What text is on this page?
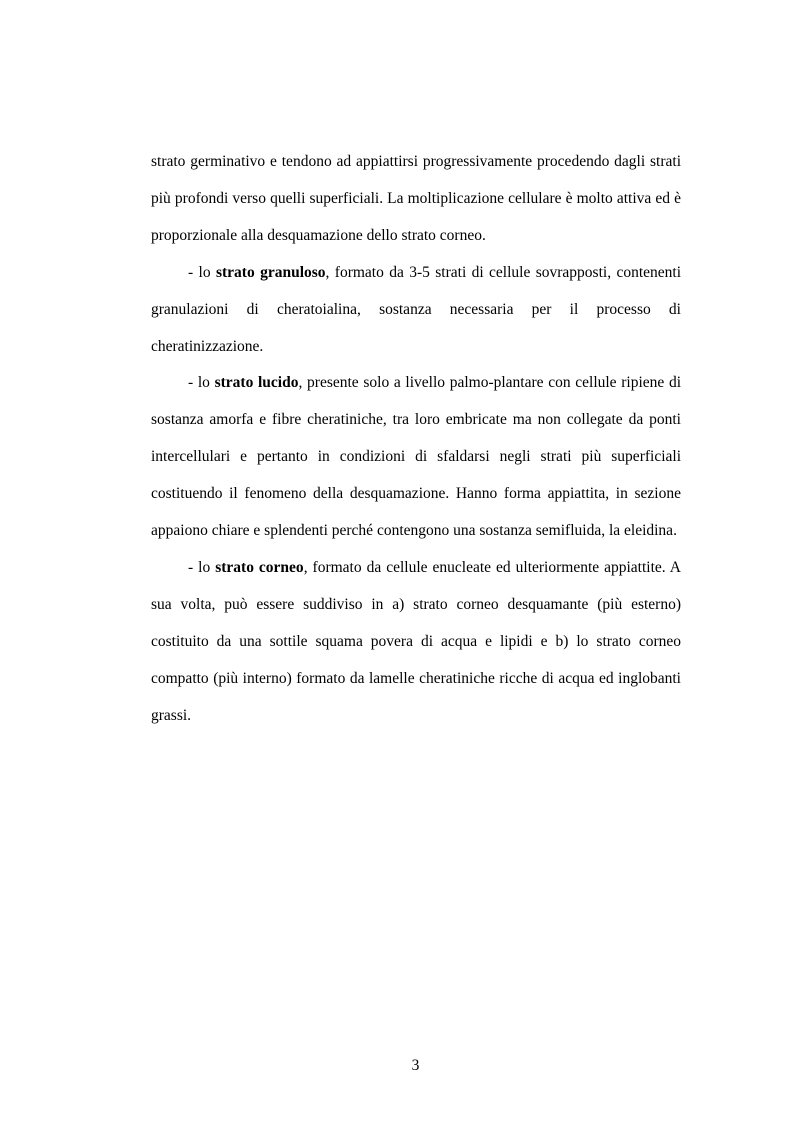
strato germinativo e tendono ad appiattirsi progressivamente procedendo dagli strati più profondi verso quelli superficiali. La moltiplicazione cellulare è molto attiva ed è proporzionale alla desquamazione dello strato corneo.

- lo strato granuloso, formato da 3-5 strati di cellule sovrapposti, contenenti granulazioni di cheratoialina, sostanza necessaria per il processo di cheratinizzazione.

- lo strato lucido, presente solo a livello palmo-plantare con cellule ripiene di sostanza amorfa e fibre cheratiniche, tra loro embricate ma non collegate da ponti intercellulari e pertanto in condizioni di sfaldarsi negli strati più superficiali costituendo il fenomeno della desquamazione. Hanno forma appiattita, in sezione appaiono chiare e splendenti perché contengono una sostanza semifluida, la eleidina.

- lo strato corneo, formato da cellule enucleate ed ulteriormente appiattite. A sua volta, può essere suddiviso in a) strato corneo desquamante (più esterno) costituito da una sottile squama povera di acqua e lipidi e b) lo strato corneo compatto (più interno) formato da lamelle cheratiniche ricche di acqua ed inglobanti grassi.

3
